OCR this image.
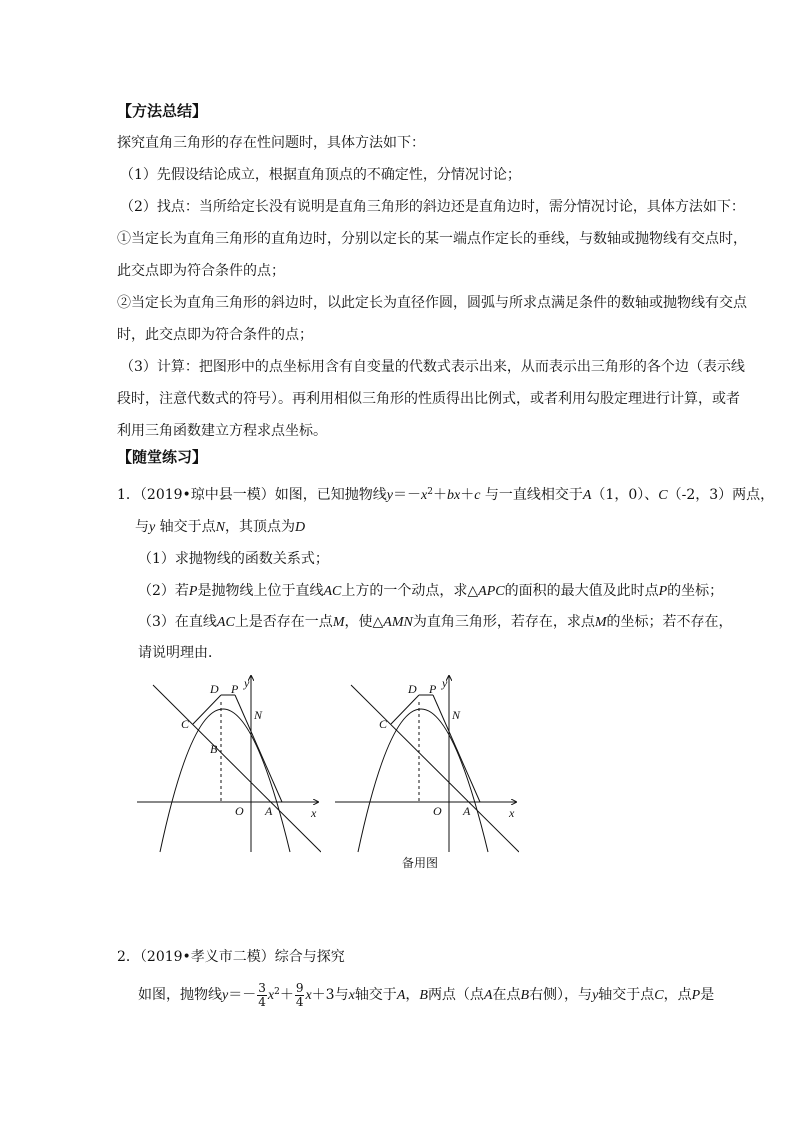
【方法总结】
探究直角三角形的存在性问题时，具体方法如下：
（1）先假设结论成立，根据直角顶点的不确定性，分情况讨论；
（2）找点：当所给定长没有说明是直角三角形的斜边还是直角边时，需分情况讨论，具体方法如下：
①当定长为直角三角形的直角边时，分别以定长的某一端点作定长的垂线，与数轴或抛物线有交点时，
此交点即为符合条件的点；
②当定长为直角三角形的斜边时，以此定长为直径作圆，圆弧与所求点满足条件的数轴或抛物线有交点
时，此交点即为符合条件的点；
（3）计算：把图形中的点坐标用含有自变量的代数式表示出来，从而表示出三角形的各个边（表示线
段时，注意代数式的符号）。再利用相似三角形的性质得出比例式，或者利用勾股定理进行计算，或者
利用三角函数建立方程求点坐标。
【随堂练习】
1．（2019•琼中县一模）如图，已知抛物线$y=-x^2+bx+c$ 与一直线相交于A（1，0）、C（-2，3）两点，
与y 轴交于点N，其顶点为D
（1）求抛物线的函数关系式；
（2）若P是抛物线上位于直线AC上方的一个动点，求△APC的面积的最大值及此时点P的坐标；
（3）在直线AC上是否存在一点M，使△AMN为直角三角形，若存在，求点M的坐标；若不存在，
请说明理由．
y
x
O A
B
C
D P
N
y
x
O A
C
D P
N
备用图
2．（2019•孝义市二模）综合与探究
如图，抛物线$y=- \frac{3}{4} x^2+ \frac{9}{4} x+3$与x轴交于A，B两点（点A在点B右侧），与y轴交于点C，点P是
